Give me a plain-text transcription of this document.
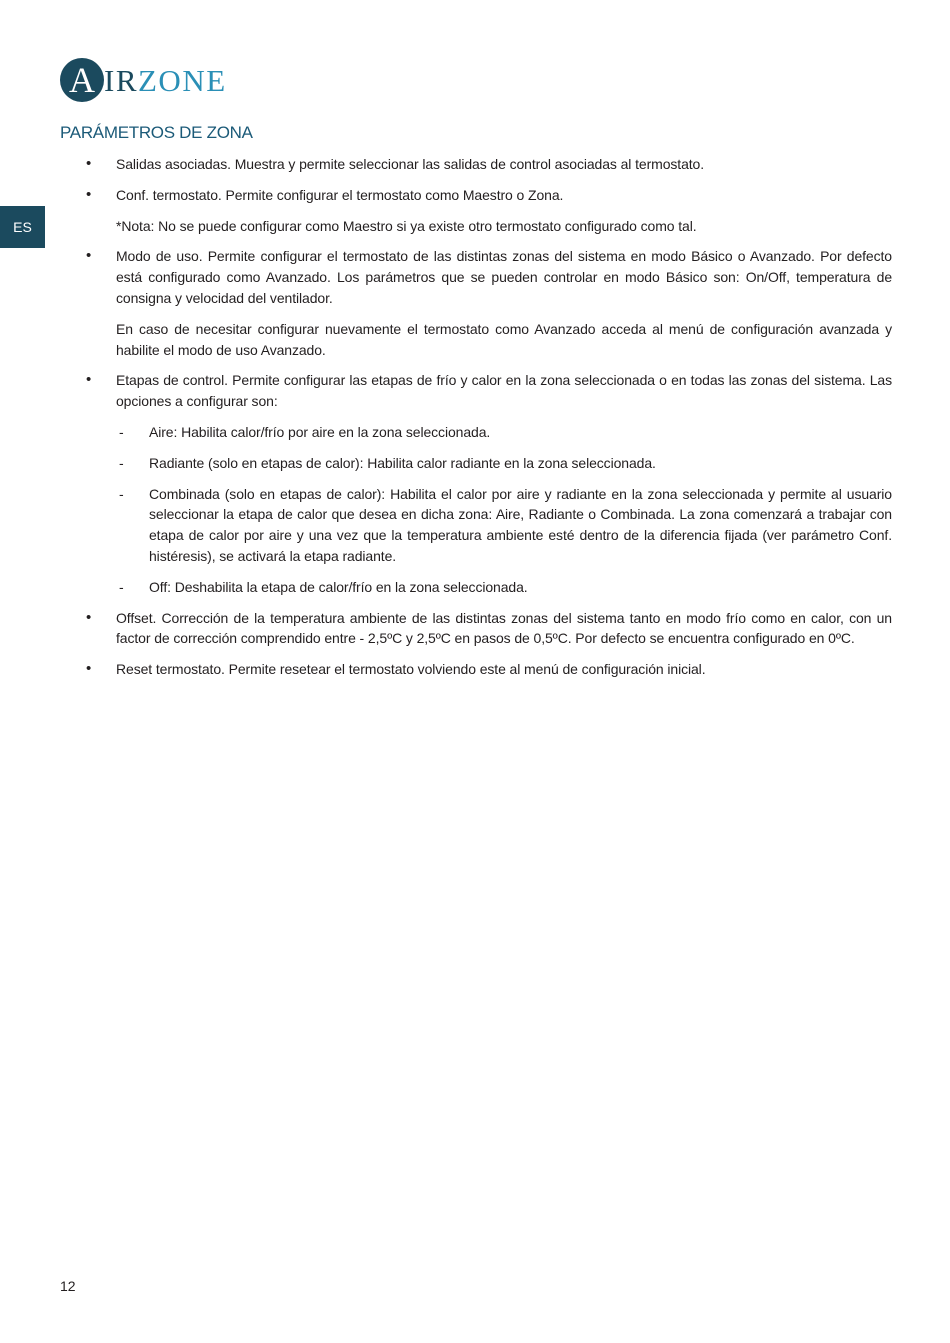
A IRZONE
ES
PARÁMETROS DE ZONA
• Salidas asociadas. Muestra y permite seleccionar las salidas de control asociadas al termostato.

• Conf. termostato. Permite configurar el termostato como Maestro o Zona.

*Nota: No se puede configurar como Maestro si ya existe otro termostato configurado como tal.

• Modo de uso. Permite configurar el termostato de las distintas zonas del sistema en modo Básico o Avanzado. Por defecto está configurado como Avanzado. Los parámetros que se pueden controlar en modo Básico son: On/Off, temperatura de consigna y velocidad del ventilador.

En caso de necesitar configurar nuevamente el termostato como Avanzado acceda al menú de configuración avanzada y habilite el modo de uso Avanzado.

• Etapas de control. Permite configurar las etapas de frío y calor en la zona seleccionada o en todas las zonas del sistema. Las opciones a configurar son:

- Aire: Habilita calor/frío por aire en la zona seleccionada.
- Radiante (solo en etapas de calor): Habilita calor radiante en la zona seleccionada.
- Combinada (solo en etapas de calor): Habilita el calor por aire y radiante en la zona seleccionada y permite al usuario seleccionar la etapa de calor que desea en dicha zona: Aire, Radiante o Combinada. La zona comenzará a trabajar con etapa de calor por aire y una vez que la temperatura ambiente esté dentro de la diferencia fijada (ver parámetro Conf. histéresis), se activará la etapa radiante.
- Off: Deshabilita la etapa de calor/frío en la zona seleccionada.
• Offset. Corrección de la temperatura ambiente de las distintas zonas del sistema tanto en modo frío como en calor, con un factor de corrección comprendido entre - 2,5ºC y 2,5ºC en pasos de 0,5ºC. Por defecto se encuentra configurado en 0ºC.

• Reset termostato. Permite resetear el termostato volviendo este al menú de configuración inicial.

12
